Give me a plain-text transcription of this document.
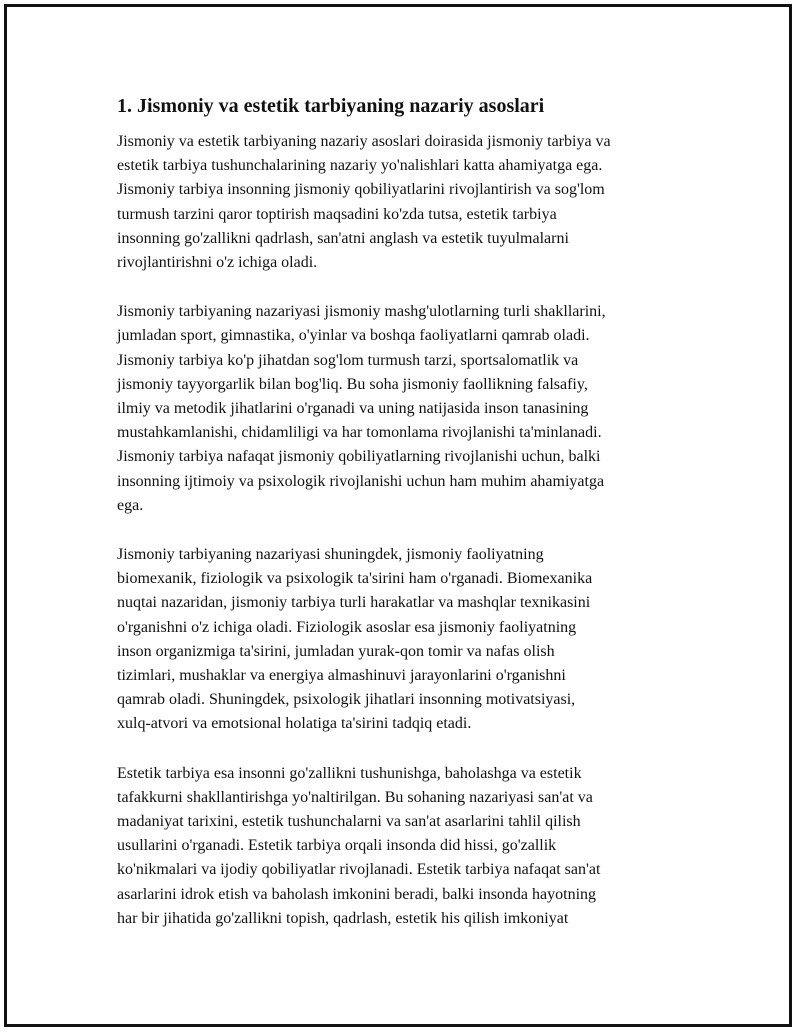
1. Jismoniy va estetik tarbiyaning nazariy asoslari

Jismoniy va estetik tarbiyaning nazariy asoslari doirasida jismoniy tarbiya va
estetik tarbiya tushunchalarining nazariy yo'nalishlari katta ahamiyatga ega.
Jismoniy tarbiya insonning jismoniy qobiliyatlarini rivojlantirish va sog'lom
turmush tarzini qaror toptirish maqsadini ko'zda tutsa, estetik tarbiya
insonning go'zallikni qadrlash, san'atni anglash va estetik tuyulmalarni
rivojlantirishni o'z ichiga oladi.

Jismoniy tarbiyaning nazariyasi jismoniy mashg'ulotlarning turli shakllarini,
jumladan sport, gimnastika, o'yinlar va boshqa faoliyatlarni qamrab oladi.
Jismoniy tarbiya ko'p jihatdan sog'lom turmush tarzi, sportsalomatlik va
jismoniy tayyorgarlik bilan bog'liq. Bu soha jismoniy faollikning falsafiy,
ilmiy va metodik jihatlarini o'rganadi va uning natijasida inson tanasining
mustahkamlanishi, chidamliligi va har tomonlama rivojlanishi ta'minlanadi.
Jismoniy tarbiya nafaqat jismoniy qobiliyatlarning rivojlanishi uchun, balki
insonning ijtimoiy va psixologik rivojlanishi uchun ham muhim ahamiyatga
ega.

Jismoniy tarbiyaning nazariyasi shuningdek, jismoniy faoliyatning
biomexanik, fiziologik va psixologik ta'sirini ham o'rganadi. Biomexanika
nuqtai nazaridan, jismoniy tarbiya turli harakatlar va mashqlar texnikasini
o'rganishni o'z ichiga oladi. Fiziologik asoslar esa jismoniy faoliyatning
inson organizmiga ta'sirini, jumladan yurak-qon tomir va nafas olish
tizimlari, mushaklar va energiya almashinuvi jarayonlarini o'rganishni
qamrab oladi. Shuningdek, psixologik jihatlari insonning motivatsiyasi,
xulq-atvori va emotsional holatiga ta'sirini tadqiq etadi.

Estetik tarbiya esa insonni go'zallikni tushunishga, baholashga va estetik
tafakkurni shakllantirishga yo'naltirilgan. Bu sohaning nazariyasi san'at va
madaniyat tarixini, estetik tushunchalarni va san'at asarlarini tahlil qilish
usullarini o'rganadi. Estetik tarbiya orqali insonda did hissi, go'zallik
ko'nikmalari va ijodiy qobiliyatlar rivojlanadi. Estetik tarbiya nafaqat san'at
asarlarini idrok etish va baholash imkonini beradi, balki insonda hayotning
har bir jihatida go'zallikni topish, qadrlash, estetik his qilish imkoniyat
